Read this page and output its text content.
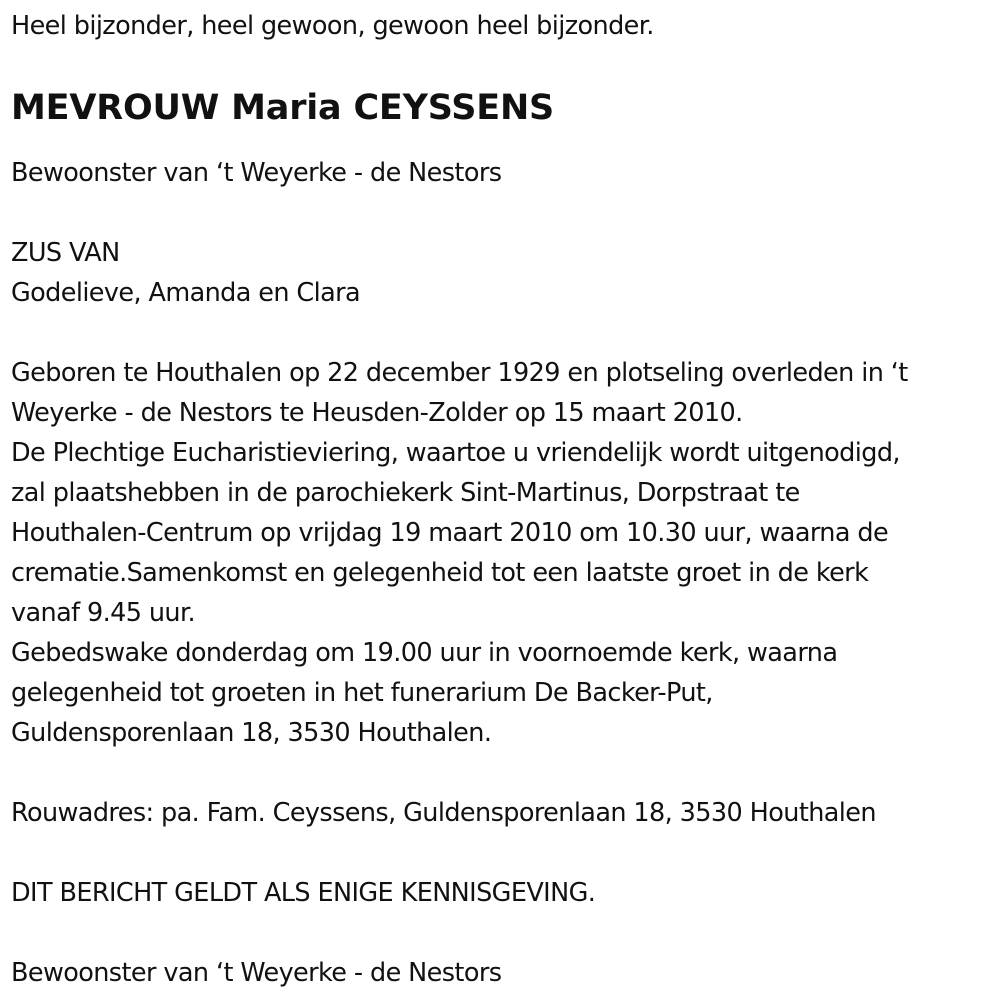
Heel bijzonder, heel gewoon, gewoon heel bijzonder.

MEVROUW Maria CEYSSENS

Bewoonster van ‘t Weyerke - de Nestors

ZUS VAN

Godelieve, Amanda en Clara

Geboren te Houthalen op 22 december 1929 en plotseling overleden in ‘t

Weyerke - de Nestors te Heusden-Zolder op 15 maart 2010.

De Plechtige Eucharistieviering, waartoe u vriendelijk wordt uitgenodigd,

zal plaatshebben in de parochiekerk Sint-Martinus, Dorpstraat te

Houthalen-Centrum op vrijdag 19 maart 2010 om 10.30 uur, waarna de

crematie.Samenkomst en gelegenheid tot een laatste groet in de kerk

vanaf 9.45 uur.

Gebedswake donderdag om 19.00 uur in voornoemde kerk, waarna

gelegenheid tot groeten in het funerarium De Backer-Put,

Guldensporenlaan 18, 3530 Houthalen.

Rouwadres: pa. Fam. Ceyssens, Guldensporenlaan 18, 3530 Houthalen

DIT BERICHT GELDT ALS ENIGE KENNISGEVING.

Bewoonster van ‘t Weyerke - de Nestors
